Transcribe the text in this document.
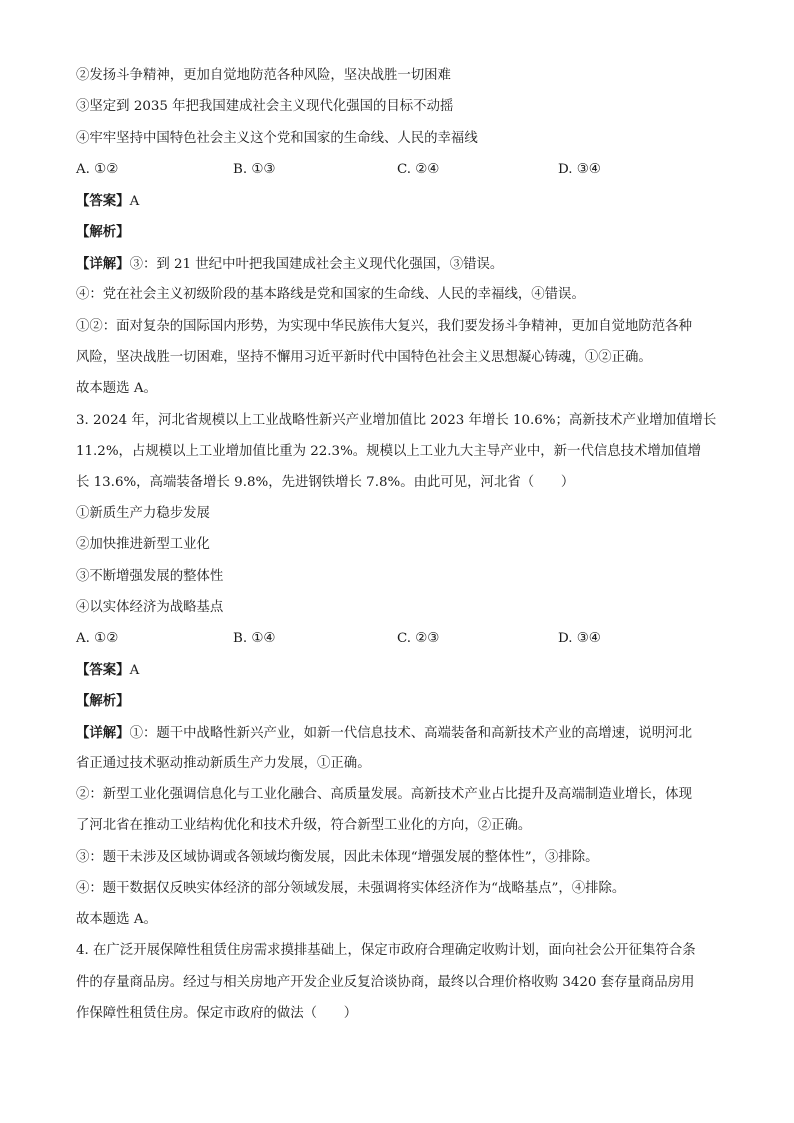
②发扬斗争精神，更加自觉地防范各种风险，坚决战胜一切困难
③坚定到 2035 年把我国建成社会主义现代化强国的目标不动摇
④牢牢坚持中国特色社会主义这个党和国家的生命线、人民的幸福线
A. ①②	B. ①③	C. ②④	D. ③④
【答案】A
【解析】
【详解】③：到 21 世纪中叶把我国建成社会主义现代化强国，③错误。
④：党在社会主义初级阶段的基本路线是党和国家的生命线、人民的幸福线，④错误。
①②：面对复杂的国际国内形势，为实现中华民族伟大复兴，我们要发扬斗争精神，更加自觉地防范各种
风险，坚决战胜一切困难，坚持不懈用习近平新时代中国特色社会主义思想凝心铸魂，①②正确。
故本题选 A。
3. 2024 年，河北省规模以上工业战略性新兴产业增加值比 2023 年增长 10.6%；高新技术产业增加值增长
11.2%，占规模以上工业增加值比重为 22.3%。规模以上工业九大主导产业中，新一代信息技术增加值增
长 13.6%，高端装备增长 9.8%，先进钢铁增长 7.8%。由此可见，河北省（　　）
①新质生产力稳步发展
②加快推进新型工业化
③不断增强发展的整体性
④以实体经济为战略基点
A. ①②	B. ①④	C. ②③	D. ③④
【答案】A
【解析】
【详解】①：题干中战略性新兴产业，如新一代信息技术、高端装备和高新技术产业的高增速，说明河北
省正通过技术驱动推动新质生产力发展，①正确。
②：新型工业化强调信息化与工业化融合、高质量发展。高新技术产业占比提升及高端制造业增长，体现
了河北省在推动工业结构优化和技术升级，符合新型工业化的方向，②正确。
③：题干未涉及区域协调或各领域均衡发展，因此未体现“增强发展的整体性”，③排除。
④：题干数据仅反映实体经济的部分领域发展，未强调将实体经济作为“战略基点”，④排除。
故本题选 A。
4. 在广泛开展保障性租赁住房需求摸排基础上，保定市政府合理确定收购计划，面向社会公开征集符合条
件的存量商品房。经过与相关房地产开发企业反复洽谈协商，最终以合理价格收购 3420 套存量商品房用
作保障性租赁住房。保定市政府的做法（　　）
